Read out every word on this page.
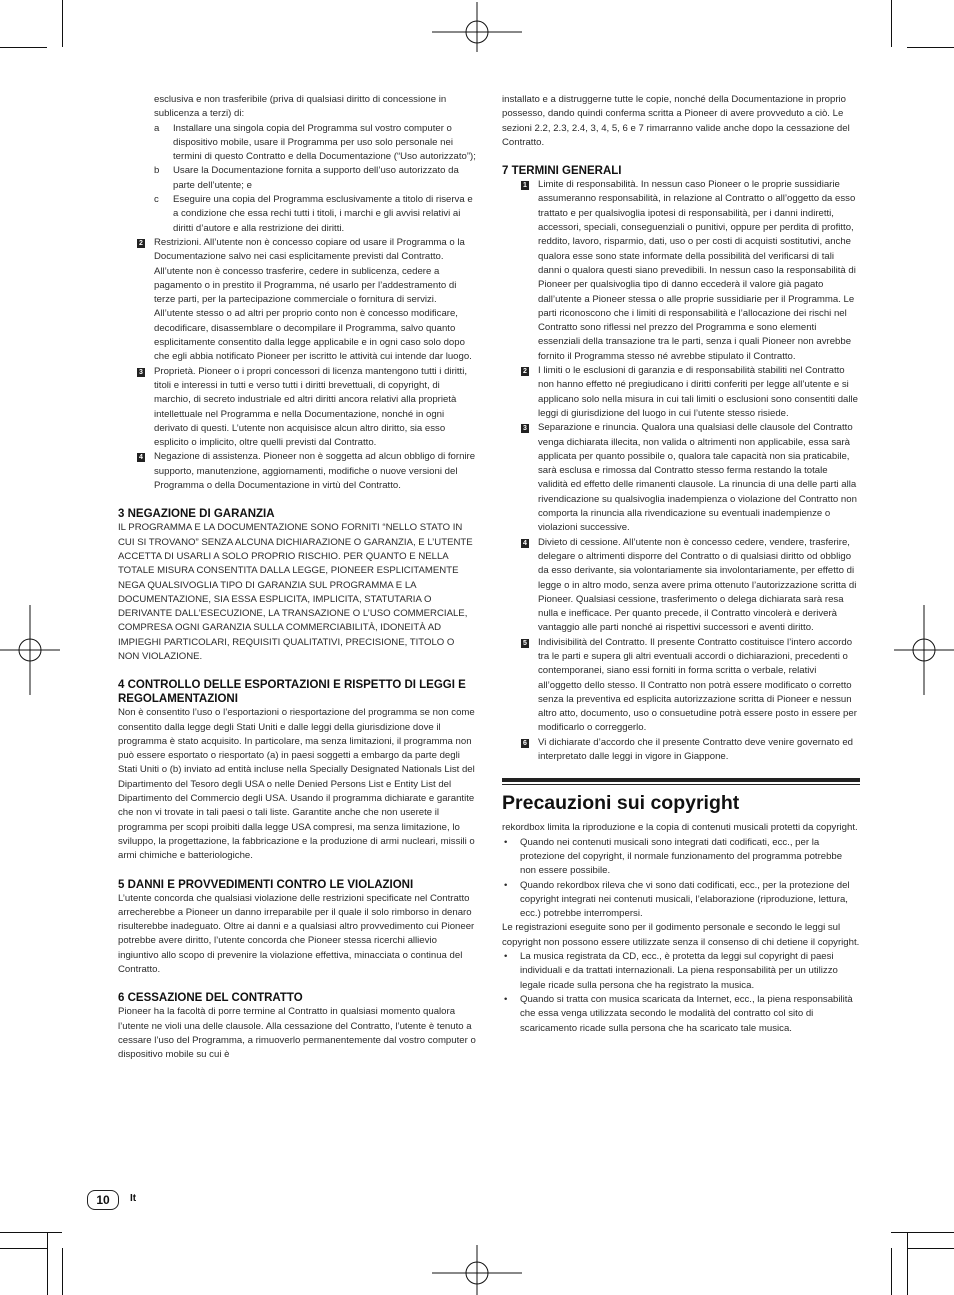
esclusiva e non trasferibile (priva di qualsiasi diritto di concessione in sublicenza a terzi) di:

a Installare una singola copia del Programma sul vostro computer o dispositivo mobile, usare il Programma per uso solo personale nei termini di questo Contratto e della Documentazione (“Uso autorizzato”);

b Usare la Documentazione fornita a supporto dell’uso autorizzato da parte dell’utente; e

c Eseguire una copia del Programma esclusivamente a titolo di riserva e a condizione che essa rechi tutti i titoli, i marchi e gli avvisi relativi ai diritti d’autore e alla restrizione dei diritti.

2 Restrizioni. All’utente non è concesso copiare od usare il Programma o la Documentazione salvo nei casi esplicitamente previsti dal Contratto. All’utente non è concesso trasferire, cedere in sublicenza, cedere a pagamento o in prestito il Programma, né usarlo per l’addestramento di terze parti, per la partecipazione commerciale o fornitura di servizi. All’utente stesso o ad altri per proprio conto non è concesso modificare, decodificare, disassemblare o decompilare il Programma, salvo quanto esplicitamente consentito dalla legge applicabile e in ogni caso solo dopo che egli abbia notificato Pioneer per iscritto le attività cui intende dar luogo.

3 Proprietà. Pioneer o i propri concessori di licenza mantengono tutti i diritti, titoli e interessi in tutti e verso tutti i diritti brevettuali, di copyright, di marchio, di secreto industriale ed altri diritti ancora relativi alla proprietà intellettuale nel Programma e nella Documentazione, nonché in ogni derivato di questi. L’utente non acquisisce alcun altro diritto, sia esso esplicito o implicito, oltre quelli previsti dal Contratto.

4 Negazione di assistenza. Pioneer non è soggetta ad alcun obbligo di fornire supporto, manutenzione, aggiornamenti, modifiche o nuove versioni del Programma o della Documentazione in virtù del Contratto.

3 NEGAZIONE DI GARANZIA

IL PROGRAMMA E LA DOCUMENTAZIONE SONO FORNITI “NELLO STATO IN CUI SI TROVANO” SENZA ALCUNA DICHIARAZIONE O GARANZIA, E L’UTENTE ACCETTA DI USARLI A SOLO PROPRIO RISCHIO. PER QUANTO E NELLA TOTALE MISURA CONSENTITA DALLA LEGGE, PIONEER ESPLICITAMENTE NEGA QUALSIVOGLIA TIPO DI GARANZIA SUL PROGRAMMA E LA DOCUMENTAZIONE, SIA ESSA ESPLICITA, IMPLICITA, STATUTARIA O DERIVANTE DALL’ESECUZIONE, LA TRANSAZIONE O L’USO COMMERCIALE, COMPRESA OGNI GARANZIA SULLA COMMERCIABILITÀ, IDONEITÀ AD IMPIEGHI PARTICOLARI, REQUISITI QUALITATIVI, PRECISIONE, TITOLO O NON VIOLAZIONE.

4 CONTROLLO DELLE ESPORTAZIONI E RISPETTO DI LEGGI E REGOLAMENTAZIONI

Non è consentito l’uso o l’esportazioni o riesportazione del programma se non come consentito dalla legge degli Stati Uniti e dalle leggi della giurisdizione dove il programma è stato acquisito. In particolare, ma senza limitazioni, il programma non può essere esportato o riesportato (a) in paesi soggetti a embargo da parte degli Stati Uniti o (b) inviato ad entità incluse nella Specially Designated Nationals List del Dipartimento del Tesoro degli USA o nelle Denied Persons List e Entity List del Dipartimento del Commercio degli USA. Usando il programma dichiarate e garantite che non vi trovate in tali paesi o tali liste. Garantite anche che non userete il programma per scopi proibiti dalla legge USA compresi, ma senza limitazione, lo sviluppo, la progettazione, la fabbricazione e la produzione di armi nucleari, missili o armi chimiche e batteriologiche.

5 DANNI E PROVVEDIMENTI CONTRO LE VIOLAZIONI

L’utente concorda che qualsiasi violazione delle restrizioni specificate nel Contratto arrecherebbe a Pioneer un danno irreparabile per il quale il solo rimborso in denaro risulterebbe inadeguato. Oltre ai danni e a qualsiasi altro provvedimento cui Pioneer potrebbe avere diritto, l’utente concorda che Pioneer stessa ricerchi allievio ingiuntivo allo scopo di prevenire la violazione effettiva, minacciata o continua del Contratto.

6 CESSAZIONE DEL CONTRATTO

Pioneer ha la facoltà di porre termine al Contratto in qualsiasi momento qualora l’utente ne violi una delle clausole. Alla cessazione del Contratto, l’utente è tenuto a cessare l’uso del Programma, a rimuoverlo permanentemente dal vostro computer o dispositivo mobile su cui è

installato e a distruggerne tutte le copie, nonché della Documentazione in proprio possesso, dando quindi conferma scritta a Pioneer di avere provveduto a ciò. Le sezioni 2.2, 2.3, 2.4, 3, 4, 5, 6 e 7 rimarranno valide anche dopo la cessazione del Contratto.

7 TERMINI GENERALI
1 Limite di responsabilità. In nessun caso Pioneer o le proprie sussidiarie assumeranno responsabilità, in relazione al Contratto o all’oggetto da esso trattato e per qualsivoglia ipotesi di responsabilità, per i danni indiretti, accessori, speciali, conseguenziali o punitivi, oppure per perdita di profitto, reddito, lavoro, risparmio, dati, uso o per costi di acquisti sostitutivi, anche qualora esse sono state informate della possibilità del verificarsi di tali danni o qualora questi siano prevedibili. In nessun caso la responsabilità di Pioneer per qualsivoglia tipo di danno eccederà il valore già pagato dall’utente a Pioneer stessa o alle proprie sussidiarie per il Programma. Le parti riconoscono che i limiti di responsabilità e l’allocazione dei rischi nel Contratto sono riflessi nel prezzo del Programma e sono elementi essenziali della transazione tra le parti, senza i quali Pioneer non avrebbe fornito il Programma stesso né avrebbe stipulato il Contratto.

2 I limiti o le esclusioni di garanzia e di responsabilità stabiliti nel Contratto non hanno effetto né pregiudicano i diritti conferiti per legge all’utente e si applicano solo nella misura in cui tali limiti o esclusioni sono consentiti dalle leggi di giurisdizione del luogo in cui l’utente stesso risiede.

3 Separazione e rinuncia. Qualora una qualsiasi delle clausole del Contratto venga dichiarata illecita, non valida o altrimenti non applicabile, essa sarà applicata per quanto possibile o, qualora tale capacità non sia praticabile, sarà esclusa e rimossa dal Contratto stesso ferma restando la totale validità ed effetto delle rimanenti clausole. La rinuncia di una delle parti alla rivendicazione su qualsivoglia inadempienza o violazione del Contratto non comporta la rinuncia alla rivendicazione su eventuali inadempienze o violazioni successive.

4 Divieto di cessione. All’utente non è concesso cedere, vendere, trasferire, delegare o altrimenti disporre del Contratto o di qualsiasi diritto od obbligo da esso derivante, sia volontariamente sia involontariamente, per effetto di legge o in altro modo, senza avere prima ottenuto l’autorizzazione scritta di Pioneer. Qualsiasi cessione, trasferimento o delega dichiarata sarà resa nulla e inefficace. Per quanto precede, il Contratto vincolerà e deriverà vantaggio alle parti nonché ai rispettivi successori e aventi diritto.

5 Indivisibilità del Contratto. Il presente Contratto costituisce l’intero accordo tra le parti e supera gli altri eventuali accordi o dichiarazioni, precedenti o contemporanei, siano essi forniti in forma scritta o verbale, relativi all’oggetto dello stesso. Il Contratto non potrà essere modificato o corretto senza la preventiva ed esplicita autorizzazione scritta di Pioneer e nessun altro atto, documento, uso o consuetudine potrà essere posto in essere per modificarlo o correggerlo.

6 Vi dichiarate d’accordo che il presente Contratto deve venire governato ed interpretato dalle leggi in vigore in Giappone.

Precauzioni sui copyright

rekordbox limita la riproduzione e la copia di contenuti musicali protetti da copyright.

• Quando nei contenuti musicali sono integrati dati codificati, ecc., per la protezione del copyright, il normale funzionamento del programma potrebbe non essere possibile.

• Quando rekordbox rileva che vi sono dati codificati, ecc., per la protezione del copyright integrati nei contenuti musicali, l’elaborazione (riproduzione, lettura, ecc.) potrebbe interrompersi.

Le registrazioni eseguite sono per il godimento personale e secondo le leggi sul copyright non possono essere utilizzate senza il consenso di chi detiene il copyright.

• La musica registrata da CD, ecc., è protetta da leggi sul copyright di paesi individuali e da trattati internazionali. La piena responsabilità per un utilizzo legale ricade sulla persona che ha registrato la musica.

• Quando si tratta con musica scaricata da Internet, ecc., la piena responsabilità che essa venga utilizzata secondo le modalità del contratto col sito di scaricamento ricade sulla persona che ha scaricato tale musica.

10	It
